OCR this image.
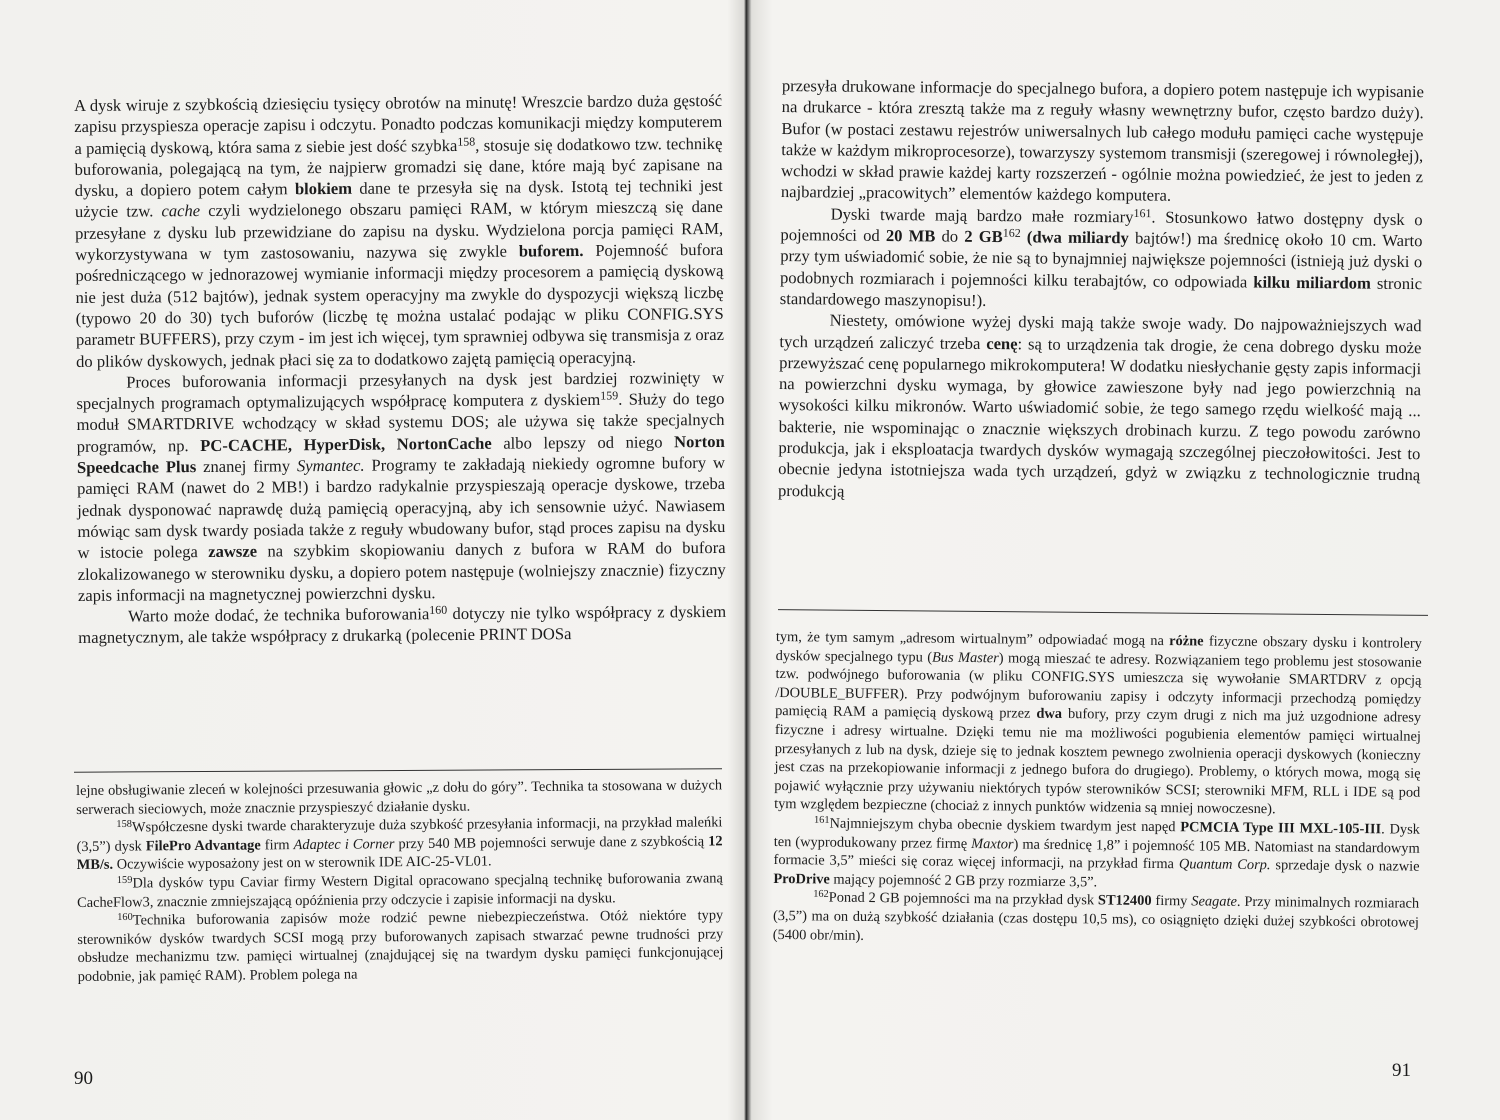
A dysk wiruje z szybkością dziesięciu tysięcy obrotów na minutę! Wreszcie bardzo duża gęstość zapisu przyspiesza operacje zapisu i odczytu. Ponadto podczas komunikacji między komputerem a pamięcią dyskową, która sama z siebie jest dość szybka$^{158}$, stosuje się dodatkowo tzw. technikę buforowania, polegającą na tym, że najpierw gromadzi się dane, które mają być zapisane na dysku, a dopiero potem całym blokiem dane te przesyła się na dysk. Istotą tej techniki jest użycie tzw. cache czyli wydzielonego obszaru pamięci RAM, w którym mieszczą się dane przesyłane z dysku lub przewidziane do zapisu na dysku. Wydzielona porcja pamięci RAM, wykorzystywana w tym zastosowaniu, nazywa się zwykle buforem. Pojemność bufora pośredniczącego w jednorazowej wymianie informacji między procesorem a pamięcią dyskową nie jest duża (512 bajtów), jednak system operacyjny ma zwykle do dyspozycji większą liczbę (typowo 20 do 30) tych buforów (liczbę tę można ustalać podając w pliku CONFIG.SYS parametr BUFFERS), przy czym - im jest ich więcej, tym sprawniej odbywa się transmisja z oraz do plików dyskowych, jednak płaci się za to dodatkowo zajętą pamięcią operacyjną.

Proces buforowania informacji przesyłanych na dysk jest bardziej rozwinięty w specjalnych programach optymalizujących współpracę komputera z dyskiem$^{159}$. Służy do tego moduł SMARTDRIVE wchodzący w skład systemu DOS; ale używa się także specjalnych programów, np. PC-CACHE, HyperDisk, NortonCache albo lepszy od niego Norton Speedcache Plus znanej firmy Symantec. Programy te zakładają niekiedy ogromne bufory w pamięci RAM (nawet do 2 MB!) i bardzo radykalnie przyspieszają operacje dyskowe, trzeba jednak dysponować naprawdę dużą pamięcią operacyjną, aby ich sensownie użyć. Nawiasem mówiąc sam dysk twardy posiada także z reguły wbudowany bufor, stąd proces zapisu na dysku w istocie polega zawsze na szybkim skopiowaniu danych z bufora w RAM do bufora zlokalizowanego w sterowniku dysku, a dopiero potem następuje (wolniejszy znacznie) fizyczny zapis informacji na magnetycznej powierzchni dysku.

Warto może dodać, że technika buforowania$^{160}$ dotyczy nie tylko współpracy z dyskiem magnetycznym, ale także współpracy z drukarką (polecenie PRINT DOSa

lejne obsługiwanie zleceń w kolejności przesuwania głowic „z dołu do góry”. Technika ta stosowana w dużych serwerach sieciowych, może znacznie przyspieszyć działanie dysku.

$^{158}$Współczesne dyski twarde charakteryzuje duża szybkość przesyłania informacji, na przykład maleńki (3,5”) dysk FilePro Advantage firm Adaptec i Corner przy 540 MB pojemności serwuje dane z szybkością 12 MB/s. Oczywiście wyposażony jest on w sterownik IDE AIC-25-VL01.

$^{159}$Dla dysków typu Caviar firmy Western Digital opracowano specjalną technikę buforowania zwaną CacheFlow3, znacznie zmniejszającą opóźnienia przy odczycie i zapisie informacji na dysku.

$^{160}$Technika buforowania zapisów może rodzić pewne niebezpieczeństwa. Otóż niektóre typy sterowników dysków twardych SCSI mogą przy buforowanych zapisach stwarzać pewne trudności przy obsłudze mechanizmu tzw. pamięci wirtualnej (znajdującej się na twardym dysku pamięci funkcjonującej podobnie, jak pamięć RAM). Problem polega na

90

przesyła drukowane informacje do specjalnego bufora, a dopiero potem następuje ich wypisanie na drukarce - która zresztą także ma z reguły własny wewnętrzny bufor, często bardzo duży). Bufor (w postaci zestawu rejestrów uniwersalnych lub całego modułu pamięci cache występuje także w każdym mikroprocesorze), towarzyszy systemom transmisji (szeregowej i równoległej), wchodzi w skład prawie każdej karty rozszerzeń - ogólnie można powiedzieć, że jest to jeden z najbardziej „pracowitych” elementów każdego komputera.

Dyski twarde mają bardzo małe rozmiary$^{161}$. Stosunkowo łatwo dostępny dysk o pojemności od 20 MB do 2 GB$^{162}$ (dwa miliardy bajtów!) ma średnicę około 10 cm. Warto przy tym uświadomić sobie, że nie są to bynajmniej największe pojemności (istnieją już dyski o podobnych rozmiarach i pojemności kilku terabajtów, co odpowiada kilku miliardom stronic standardowego maszynopisu!).

Niestety, omówione wyżej dyski mają także swoje wady. Do najpoważniejszych wad tych urządzeń zaliczyć trzeba cenę: są to urządzenia tak drogie, że cena dobrego dysku może przewyższać cenę popularnego mikrokomputera! W dodatku niesłychanie gęsty zapis informacji na powierzchni dysku wymaga, by głowice zawieszone były nad jego powierzchnią na wysokości kilku mikronów. Warto uświadomić sobie, że tego samego rzędu wielkość mają ... bakterie, nie wspominając o znacznie większych drobinach kurzu. Z tego powodu zarówno produkcja, jak i eksploatacja twardych dysków wymagają szczególnej pieczołowitości. Jest to obecnie jedyna istotniejsza wada tych urządzeń, gdyż w związku z technologicznie trudną produkcją

tym, że tym samym „adresom wirtualnym” odpowiadać mogą na różne fizyczne obszary dysku i kontrolery dysków specjalnego typu (Bus Master) mogą mieszać te adresy. Rozwiązaniem tego problemu jest stosowanie tzw. podwójnego buforowania (w pliku CONFIG.SYS umieszcza się wywołanie SMARTDRV z opcją /DOUBLE_BUFFER). Przy podwójnym buforowaniu zapisy i odczyty informacji przechodzą pomiędzy pamięcią RAM a pamięcią dyskową przez dwa bufory, przy czym drugi z nich ma już uzgodnione adresy fizyczne i adresy wirtualne. Dzięki temu nie ma możliwości pogubienia elementów pamięci wirtualnej przesyłanych z lub na dysk, dzieje się to jednak kosztem pewnego zwolnienia operacji dyskowych (konieczny jest czas na przekopiowanie informacji z jednego bufora do drugiego). Problemy, o których mowa, mogą się pojawić wyłącznie przy używaniu niektórych typów sterowników SCSI; sterowniki MFM, RLL i IDE są pod tym względem bezpieczne (chociaż z innych punktów widzenia są mniej nowoczesne).

$^{161}$Najmniejszym chyba obecnie dyskiem twardym jest napęd PCMCIA Type III MXL-105-III. Dysk ten (wyprodukowany przez firmę Maxtor) ma średnicę 1,8” i pojemność 105 MB. Natomiast na standardowym formacie 3,5” mieści się coraz więcej informacji, na przykład firma Quantum Corp. sprzedaje dysk o nazwie ProDrive mający pojemność 2 GB przy rozmiarze 3,5”.

$^{162}$Ponad 2 GB pojemności ma na przykład dysk ST12400 firmy Seagate. Przy minimalnych rozmiarach (3,5”) ma on dużą szybkość działania (czas dostępu 10,5 ms), co osiągnięto dzięki dużej szybkości obrotowej (5400 obr/min).

91
